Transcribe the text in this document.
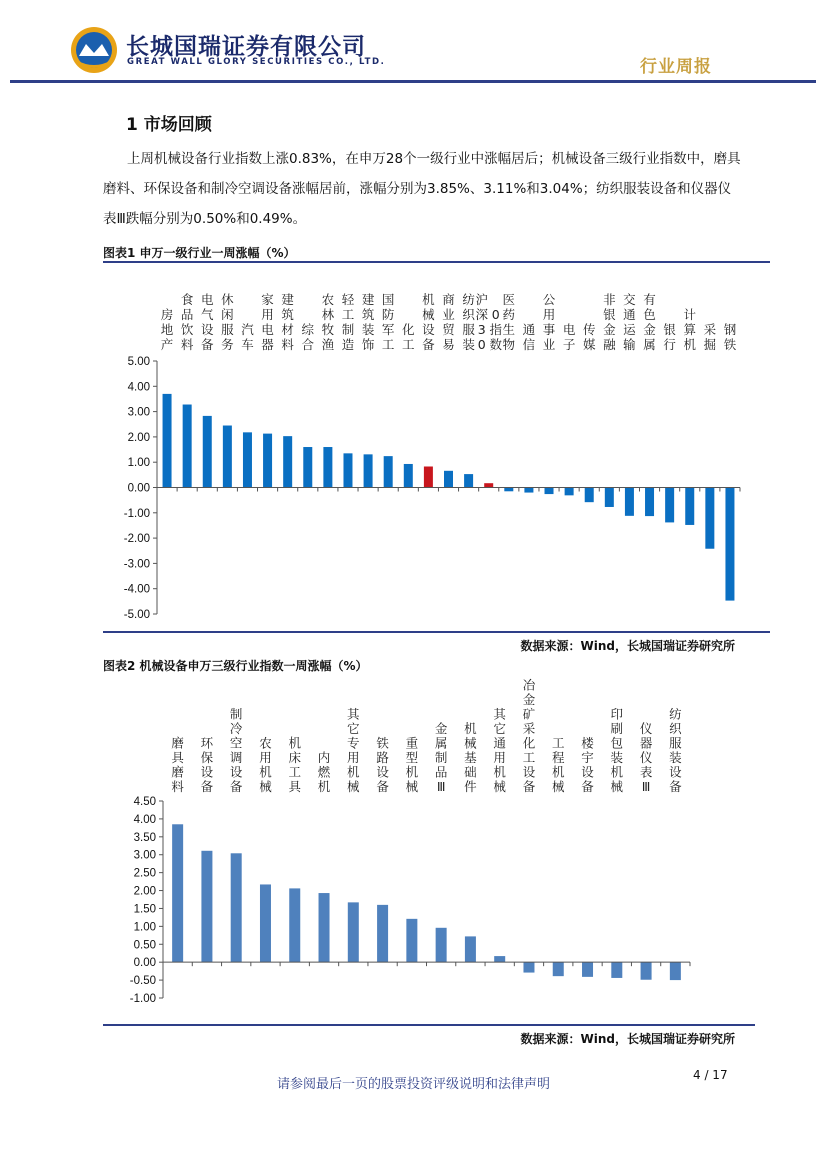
长城国瑞证券有限公司
GREAT WALL GLORY SECURITIES CO., LTD.	行业周报
1 市场回顾
上周机械设备行业指数上涨0.83%，在申万28个一级行业中涨幅居后；机械设备三级行业指数中，磨具磨料、环保设备和制冷空调设备涨幅居前，涨幅分别为3.85%、3.11%和3.04%；纺织服装设备和仪器仪表Ⅲ跌幅分别为0.50%和0.49%。
图表1 申万一级行业一周涨幅（%）
5.00
4.00
3.00
2.00
1.00
0.00
-1.00
-2.00
-3.00
-4.00
-5.00
房地产
食品饮料
电气设备
休闲服务
汽车
家用电器
建筑材料
综合
农林牧渔
轻工制造
建筑装饰
国防军工
化工
机械设备
商业贸易
纺织服装
沪深 3 0
0 指数
医药生物
通信
公用事业
电子
传媒
非银金融
交通运输
有色金属
银行
计算机
采掘
钢铁
数据来源：Wind，长城国瑞证券研究所
图表2 机械设备申万三级行业指数一周涨幅（%）
4.50
4.00
3.50
3.00
2.50
2.00
1.50
1.00
0.50
0.00
-0.50
-1.00
磨具磨料
环保设备
制冷空调设备
农用机械
机床工具
内燃机
其它专用机械
铁路设备
重型机械
金属制品 Ⅲ
机械基础件
其它通用机械
冶金矿采化工设备
工程机械
楼宇设备
印刷包装机械
仪器仪表 Ⅲ
纺织服装设备
数据来源：Wind，长城国瑞证券研究所
请参阅最后一页的股票投资评级说明和法律声明
4 / 17
